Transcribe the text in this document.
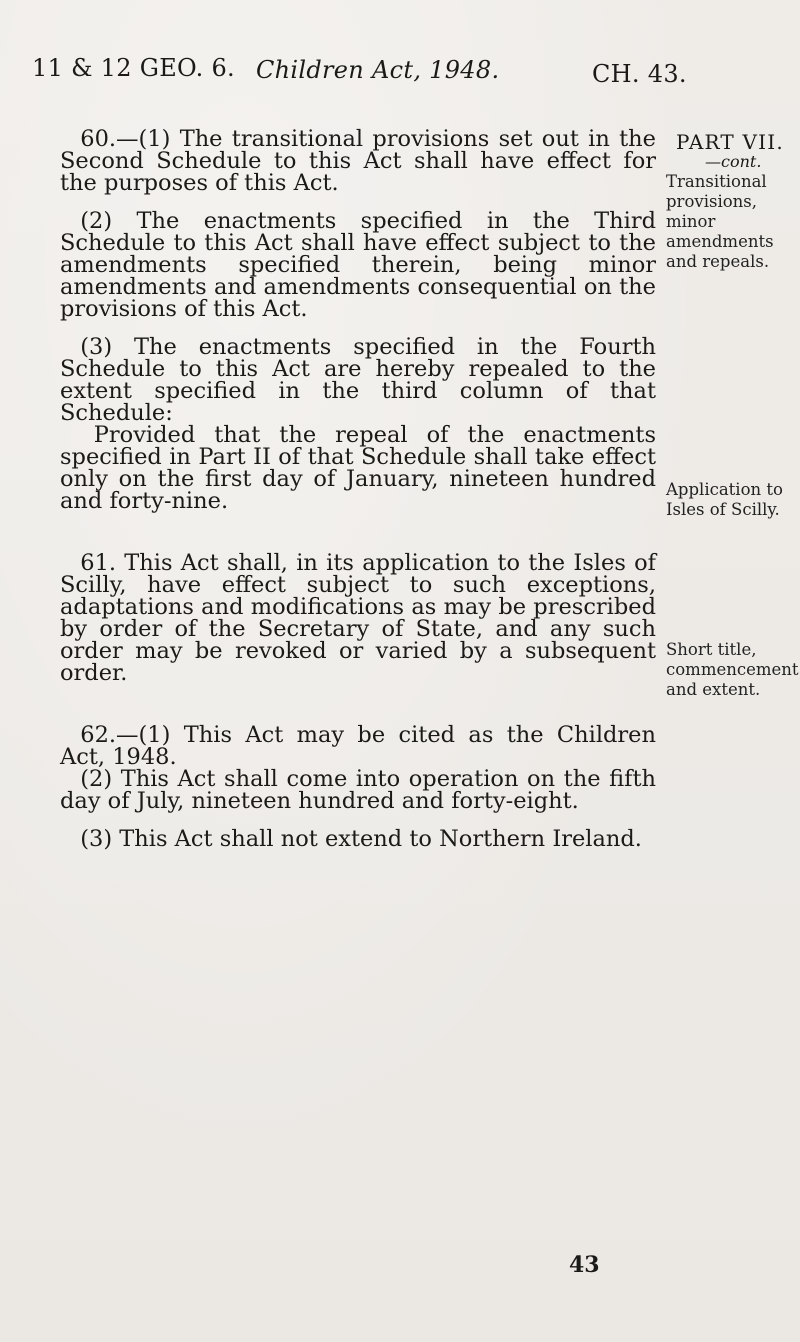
11 & 12 GEO. 6. Children Act, 1948.	CH. 43.
PART VII.
—cont.
Transitional provisions, minor amendments and repeals.
Application to Isles of Scilly.
Short title, commencement and extent.

60.—(1) The transitional provisions set out in the Second Schedule to this Act shall have effect for the purposes of this Act.

(2) The enactments specified in the Third Schedule to this Act shall have effect subject to the amendments specified therein, being minor amendments and amendments consequential on the provisions of this Act.

(3) The enactments specified in the Fourth Schedule to this Act are hereby repealed to the extent specified in the third column of that Schedule:

Provided that the repeal of the enactments specified in Part II of that Schedule shall take effect only on the first day of January, nineteen hundred and forty-nine.

61. This Act shall, in its application to the Isles of Scilly, have effect subject to such exceptions, adaptations and modifications as may be prescribed by order of the Secretary of State, and any such order may be revoked or varied by a subsequent order.

62.—(1) This Act may be cited as the Children Act, 1948.

(2) This Act shall come into operation on the fifth day of July, nineteen hundred and forty-eight.

(3) This Act shall not extend to Northern Ireland.

43
